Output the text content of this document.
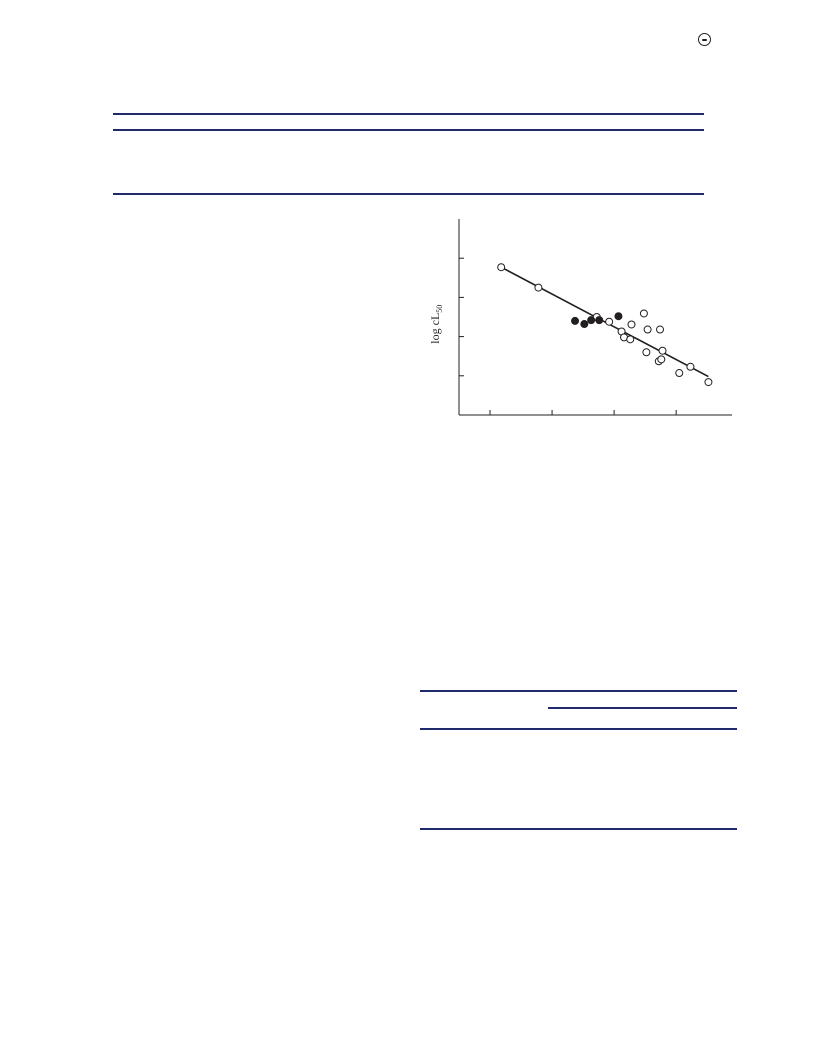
$\log cL_{50}$
